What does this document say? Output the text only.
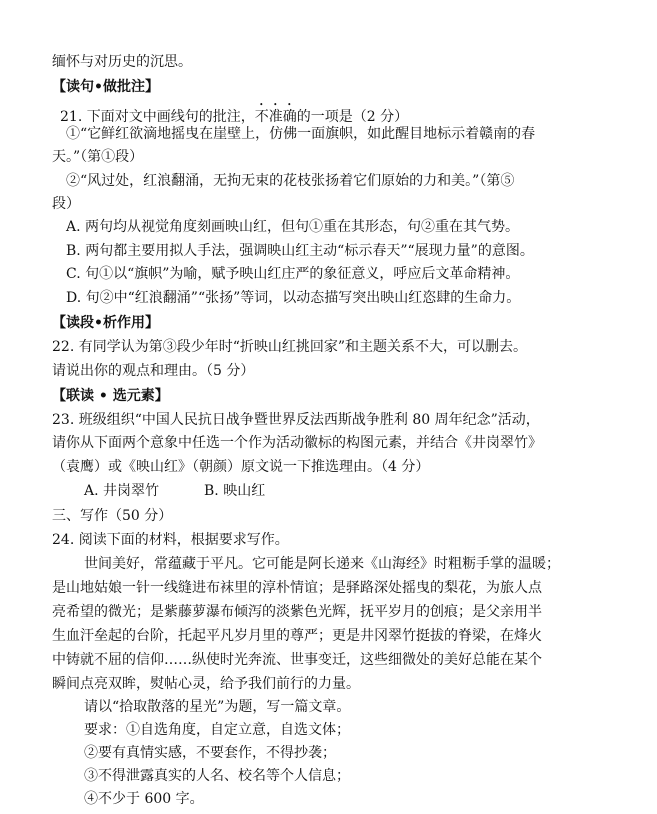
缅怀与对历史的沉思。
【读句•做批注】
21. 下面对文中画线句的批注，不准确的一项是（2 分）
①“它鲜红欲滴地摇曳在崖壁上，仿佛一面旗帜，如此醒目地标示着赣南的春
天。”（第①段）
②“风过处，红浪翻涌，无拘无束的花枝张扬着它们原始的力和美。”（第⑤
段）
A. 两句均从视觉角度刻画映山红，但句①重在其形态，句②重在其气势。
B. 两句都主要用拟人手法，强调映山红主动“标示春天”“展现力量”的意图。
C. 句①以“旗帜”为喻，赋予映山红庄严的象征意义，呼应后文革命精神。
D. 句②中“红浪翻涌”“张扬”等词，以动态描写突出映山红恣肆的生命力。
【读段•析作用】
22. 有同学认为第③段少年时“折映山红挑回家”和主题关系不大，可以删去。
请说出你的观点和理由。（5 分）
【联读 • 选元素】
23. 班级组织“中国人民抗日战争暨世界反法西斯战争胜利 80 周年纪念”活动，
请你从下面两个意象中任选一个作为活动徽标的构图元素，并结合《井岗翠竹》
（袁鹰）或《映山红》（朝颜）原文说一下推选理由。（4 分）
A. 井岗翠竹	B. 映山红
三、写作（50 分）
24. 阅读下面的材料，根据要求写作。
世间美好，常蕴藏于平凡。它可能是阿长递来《山海经》时粗粝手掌的温暖；
是山地姑娘一针一线缝进布袜里的淳朴情谊；是驿路深处摇曳的梨花，为旅人点
亮希望的微光；是紫藤萝瀑布倾泻的淡紫色光辉，抚平岁月的创痕；是父亲用半
生血汗垒起的台阶，托起平凡岁月里的尊严；更是井冈翠竹挺拔的脊梁，在烽火
中铸就不屈的信仰……纵使时光奔流、世事变迁，这些细微处的美好总能在某个
瞬间点亮双眸，熨帖心灵，给予我们前行的力量。
请以“拾取散落的星光”为题，写一篇文章。
要求：①自选角度，自定立意，自选文体；
②要有真情实感，不要套作，不得抄袭；
③不得泄露真实的人名、校名等个人信息；
④不少于 600 字。
